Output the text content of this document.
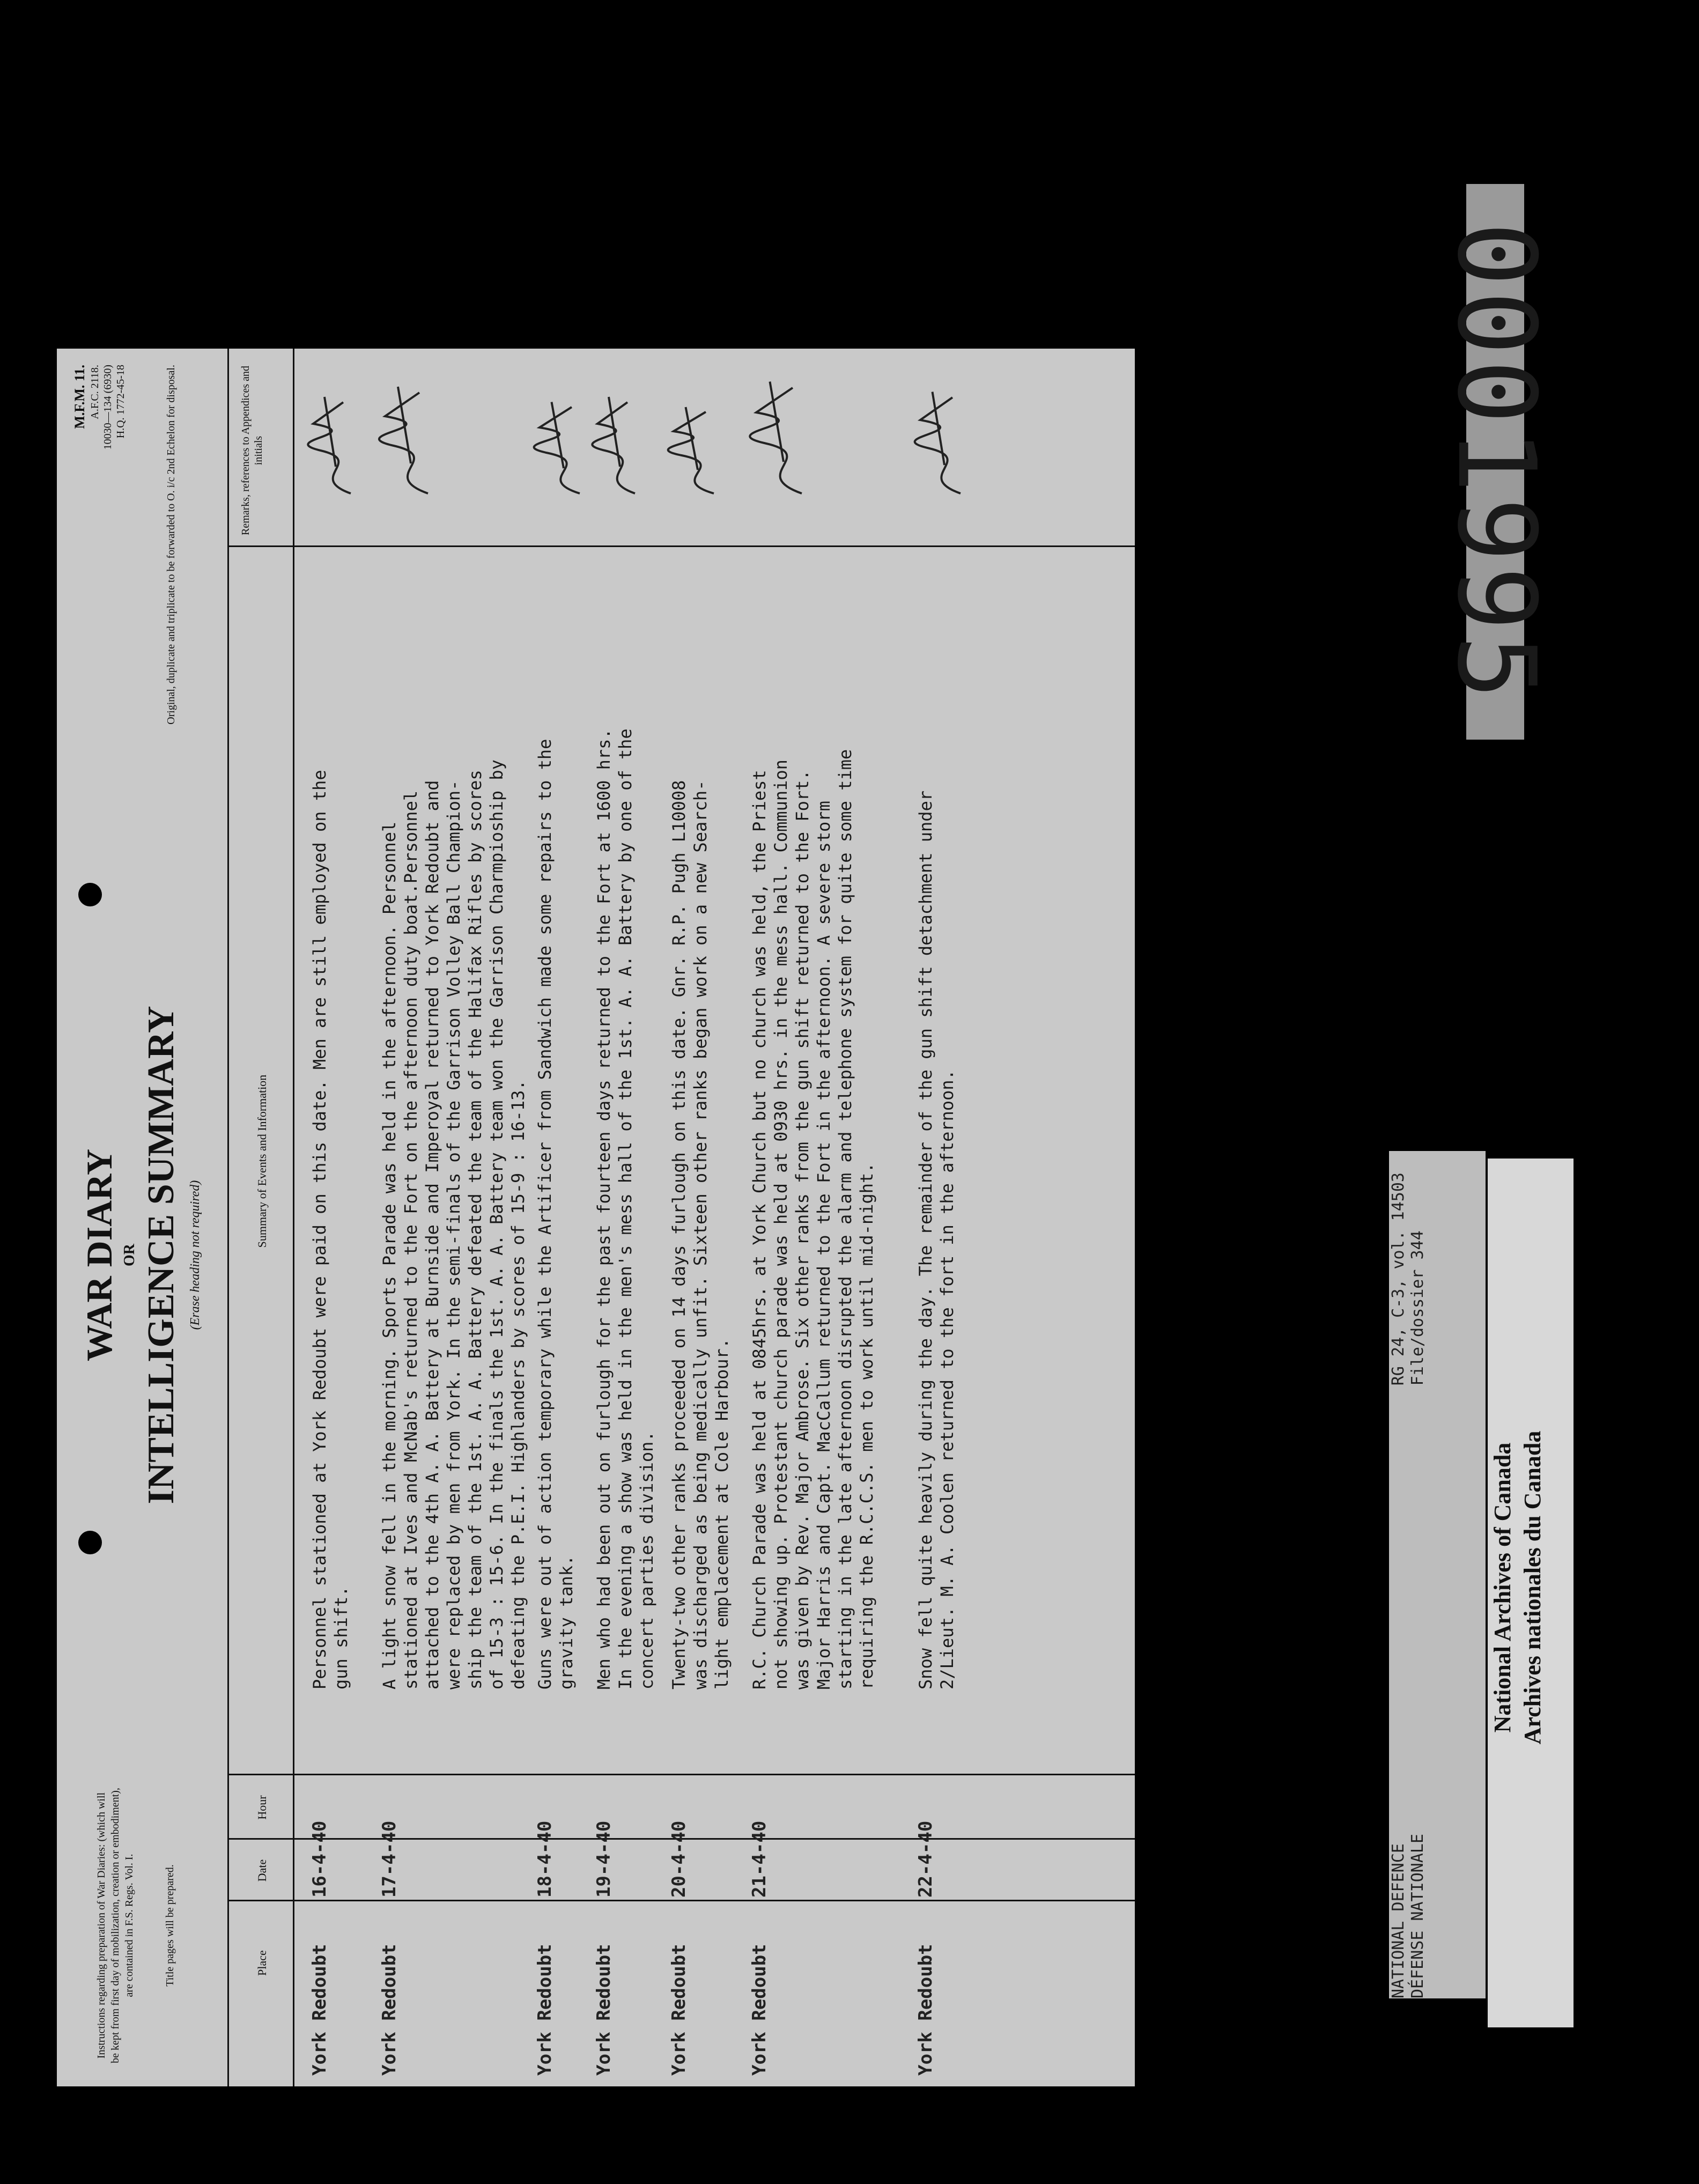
M.F.M. 11. A.F.C. 2118. 10030—134 (6930) H.Q. 1772-45-18
Instructions regarding preparation of War Diaries: (which will be kept from first day of mobilization, creation or embodiment), are contained in F.S. Regs. Vol. I.	Title pages will be prepared.
WAR DIARY OR INTELLIGENCE SUMMARY (Erase heading not required)
Original, duplicate and triplicate to be forwarded to O. i/c 2nd Echelon for disposal.
Place
Date
Hour
Summary of Events and Information
Remarks, references to Appendices and initials
York Redoubt
16-4-40
Personnel stationed at York Redoubt were paid on this date. Men are still employed on the gun shift.
York Redoubt
17-4-40
A light snow fell in the morning. Sports Parade was held in the afternoon. Personnel stationed at Ives and McNab's returned to the Fort on the afternoon duty boat.Personnel attached to the 4th A. A. Battery at Burnside and Imperoyal returned to York Redoubt and were replaced by men from York. In the semi-finals of the Garrison Volley Ball Champion- ship the team of the 1st. A. A. Battery defeated the team of the Halifax Rifles by scores of 15-3 : 15-6. In the finals the 1st. A. A. Battery team won the Garrison Charmpioship by defeating the P.E.I. Highlanders by scores of 15-9 : 16-13.
York Redoubt
18-4-40
Guns were out of action temporary while the Artificer from Sandwich made some repairs to the gravity tank.
York Redoubt
19-4-40
Men who had been out on furlough for the past fourteen days returned to the Fort at 1600 hrs. In the evening a show was held in the men's mess hall of the 1st. A. A. Battery by one of the concert parties division.
York Redoubt
20-4-40
Twenty-two other ranks proceeded on 14 days furlough on this date. Gnr. R.P. Pugh L10008 was discharged as being medically unfit. Sixteen other ranks began work on a new Search- light emplacement at Cole Harbour.
York Redoubt
21-4-40
R.C. Church Parade was held at 0845hrs. at York Church but no church was held, the Priest not showing up. Protestant church parade was held at 0930 hrs. in the mess hall. Communion was given by Rev. Major Ambrose. Six other ranks from the gun shift returned to the Fort. Major Harris and Capt. MacCallum returned to the Fort in the afternoon. A severe storm starting in the late afternoon disrupted the alarm and telephone system for quite some time requiring the R.C.C.S. men to work until mid-night.
York Redoubt
22-4-40
Snow fell quite heavily during the day. The remainder of the gun shift detachment under 2/Lieut. M. A. Coolen returned to the fort in the afternoon.
0001995
NATIONAL DEFENCE DÉFENSE NATIONALE
RG 24, C-3, vol. 14503 File/dossier 344
National Archives of Canada Archives nationales du Canada
